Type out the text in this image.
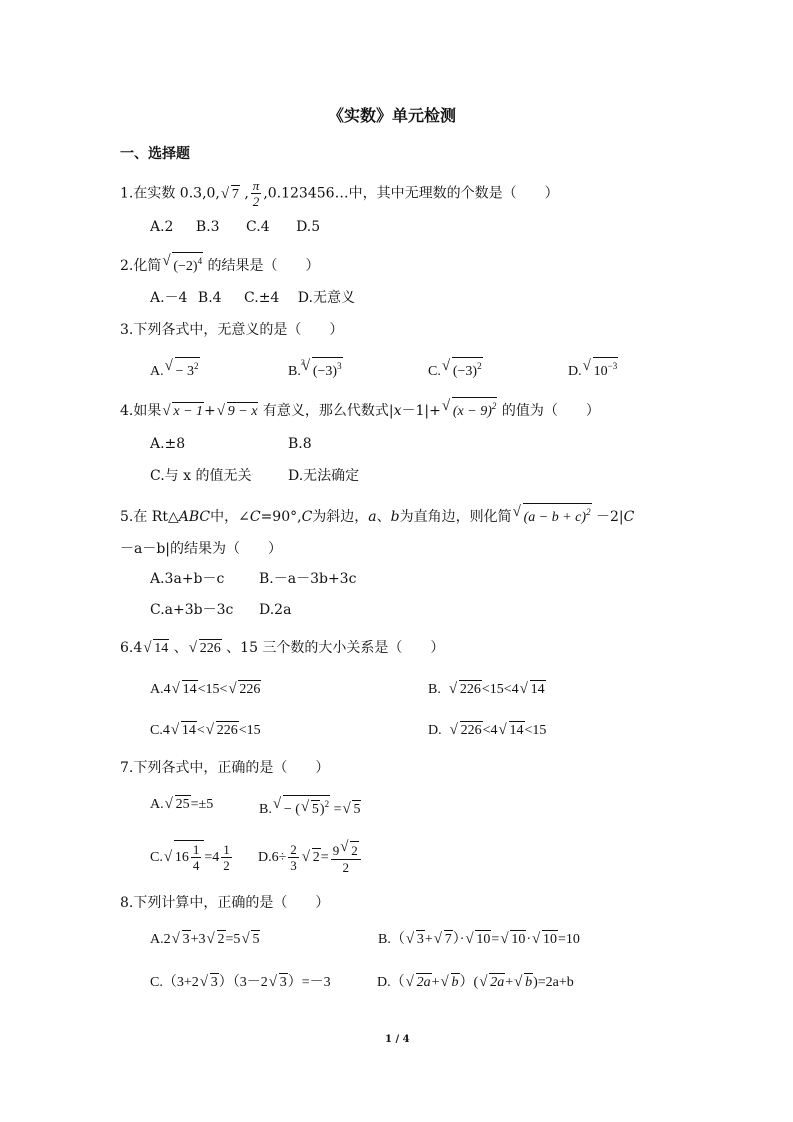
《实数》单元检测
一、选择题
1.在实数 0.3,0,√ 7 , $\frac{\pi}{2}$ ,0.123456…中，其中无理数的个数是（　　）
A.2 B.3 C.4 D.5
2.化简√ $(-2)^4$ 的结果是（　　）
A.－4 B.4 C.±4 D.无意义
3.下列各式中，无意义的是（　　）
$A.√ - 3^2$	B.
√ 3
$(-3)^3$	C.√ $(-3)^2$	D.√ $10^{-3}$
4.如果√ x − 1+√ 9 − x 有意义，那么代数式|x－1|+√ $(x - 9)^2$ 的值为（　　）
A.±8	B.8
C.与 x 的值无关	D.无法确定
5.在 Rt△ABC中，∠C=90°,C为斜边，a、b为直角边，则化简√ $(a - b + c)^2 -2|C$
－a－b|的结果为（　　）
A.3a+b－c B.－a－3b+3c
C.a+3b－3c D.2a
6.4√ 14 、√ 226 、15 三个数的大小关系是（　　）
A.4√ 14<15<√ 226	B.  √ 226<15<4√ 14
C.4√ 14<√ 226<15	D.  √ 226<4√ 14<15
7.下列各式中，正确的是（　　）
A.√ 25=±5	B.√ − (√ 5)$^2$ =√ 5
C.√ $16 \frac{1}{4} =4 \frac{1}{2} D.6\div \frac{2}{3}$
√ $2= \frac{9√ 2}{2}$
8.下列计算中，正确的是（　　）
A.2√ 3+3√ 2=5√ 5	B.（√ 3+√ 7）·√ 10=√ 10·√ 10=10
C.（3+2√ 3）（3－2√ 3）=－3	D.（√ 2a+√ b）(√ 2a+√ b)=2a+b
1 / 4
